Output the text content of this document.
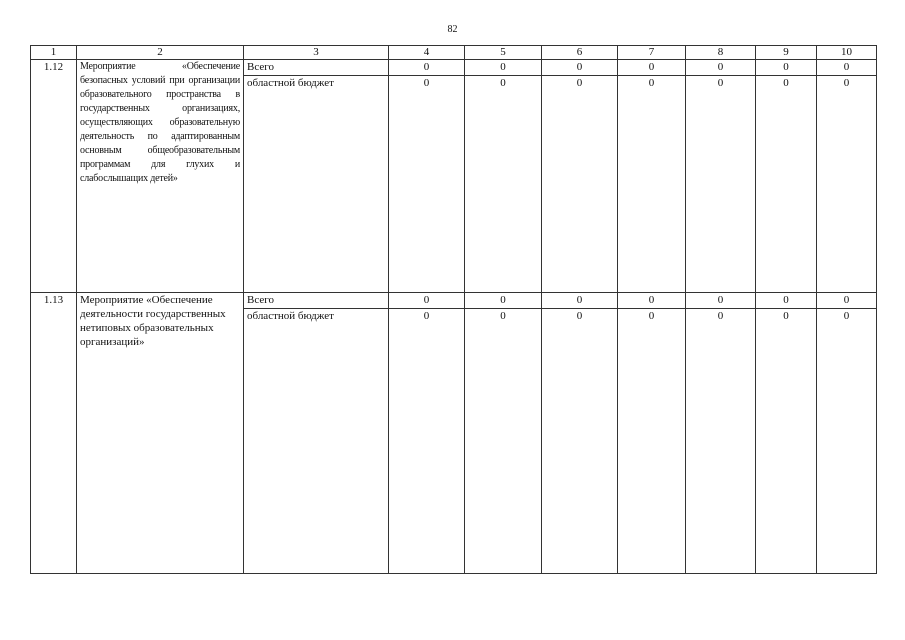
82
1	2	3	4	5	6	7	8	9	10
1.12	Мероприятие «Обеспечение безопасных условий при организации образовательного пространства в государственных организациях, осуществляющих образовательную деятельность по адаптированным основным общеобразовательным программам для глухих и слабослышащих детей»	Всего	0	0	0	0	0	0	0
		областной бюджет	0	0	0	0	0	0	0
1.13	Мероприятие «Обеспечение деятельности государственных нетиповых образовательных организаций»	Всего	0	0	0	0	0	0	0
		областной бюджет	0	0	0	0	0	0	0
